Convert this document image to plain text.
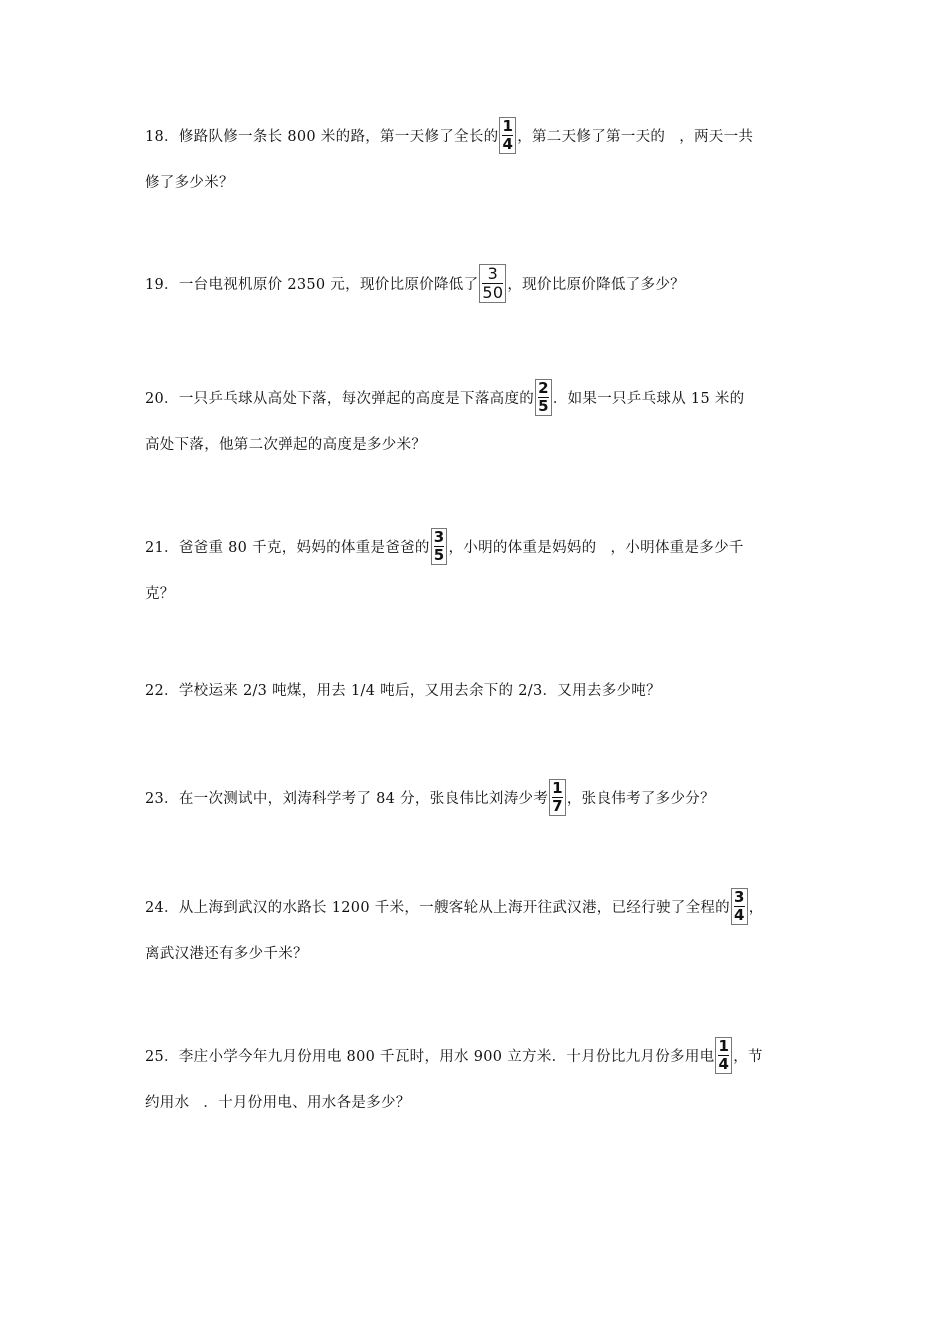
18．修路队修一条长 800 米的路，第一天修了全长的 $\frac{1}{4}$ ，第二天修了第一天的 ，两天一共
修了多少米？
19．一台电视机原价 2350 元，现价比原价降低了 $\frac{3}{50}$ ，现价比原价降低了多少？
20．一只乒乓球从高处下落，每次弹起的高度是下落高度的 $\frac{2}{5}$ ．如果一只乒乓球从 15 米的
高处下落，他第二次弹起的高度是多少米？
21．爸爸重 80 千克，妈妈的体重是爸爸的 $\frac{3}{5}$ ，小明的体重是妈妈的 ，小明体重是多少千
克？
22．学校运来 2/3 吨煤，用去 1/4 吨后，又用去余下的 2/3．又用去多少吨？
23．在一次测试中，刘涛科学考了 84 分，张良伟比刘涛少考 $\frac{1}{7}$ ，张良伟考了多少分？
24．从上海到武汉的水路长 1200 千米，一艘客轮从上海开往武汉港，已经行驶了全程的 $\frac{3}{4}$ ，
离武汉港还有多少千米？
25．李庄小学今年九月份用电 800 千瓦时，用水 900 立方米．十月份比九月份多用电 $\frac{1}{4}$ ，节
约用水 ．十月份用电、用水各是多少？
